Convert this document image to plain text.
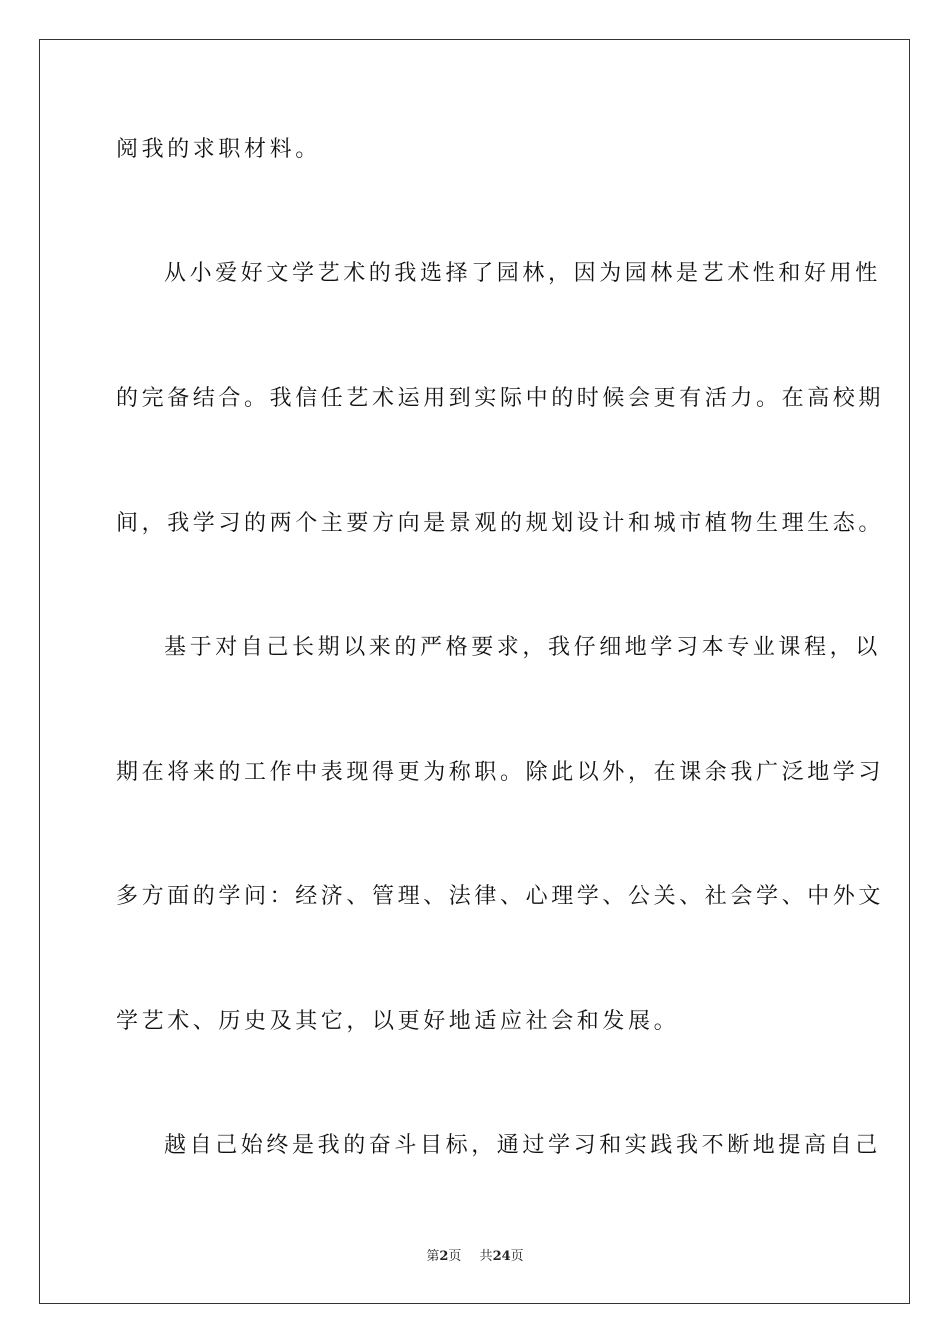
阅我的求职材料。
从小爱好文学艺术的我选择了园林，因为园林是艺术性和好用性
的完备结合。我信任艺术运用到实际中的时候会更有活力。在高校期
间，我学习的两个主要方向是景观的规划设计和城市植物生理生态。
基于对自己长期以来的严格要求，我仔细地学习本专业课程，以
期在将来的工作中表现得更为称职。除此以外，在课余我广泛地学习
多方面的学问：经济、管理、法律、心理学、公关、社会学、中外文
学艺术、历史及其它，以更好地适应社会和发展。
越自己始终是我的奋斗目标，通过学习和实践我不断地提高自己
第2页 共24页
